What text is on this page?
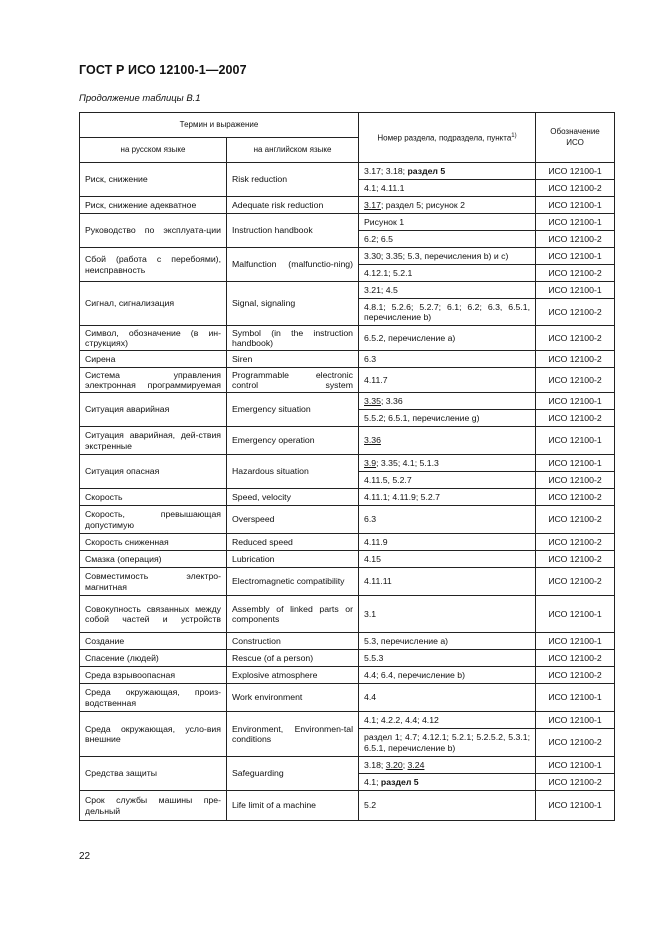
ГОСТ Р ИСО 12100-1—2007
Продолжение таблицы В.1
Термин и выражение		Номер раздела, подраздела, пункта$^{1)}$	Обозначение ИСО
на русском языке	на английском языке		
Риск, снижение	Risk reduction	3.17; 3.18; раздел 5	ИСО 12100-1
		4.1; 4.11.1	ИСО 12100-2
Риск, снижение адекватное	Adequate risk reduction	3.17; раздел 5; рисунок 2	ИСО 12100-1
Руководство по эксплуата-ции	Instruction handbook	Рисунок 1	ИСО 12100-1
		6.2; 6.5	ИСО 12100-2
Сбой (работа с перебоями), неисправность	Malfunction (malfunctio-ning)	3.30; 3.35; 5.3, перечисления b) и c)	ИСО 12100-1
		4.12.1; 5.2.1	ИСО 12100-2
Сигнал, сигнализация	Signal, signaling	3.21; 4.5	ИСО 12100-1
		4.8.1; 5.2.6; 5.2.7; 6.1; 6.2; 6.3, 6.5.1, перечисление b)	ИСО 12100-2
Символ, обозначение (в ин-струкциях)	Symbol (in the instruction handbook)	6.5.2, перечисление a)	ИСО 12100-2
Сирена	Siren	6.3	ИСО 12100-2
Система управления электронная программируемая	Programmable electronic control system	4.11.7	ИСО 12100-2
Ситуация аварийная	Emergency situation	3.35; 3.36	ИСО 12100-1
		5.5.2; 6.5.1, перечисление g)	ИСО 12100-2
Ситуация аварийная, дей-ствия экстренные	Emergency operation	3.36	ИСО 12100-1
Ситуация опасная	Hazardous situation	3.9; 3.35; 4.1; 5.1.3	ИСО 12100-1
		4.11.5, 5.2.7	ИСО 12100-2
Скорость	Speed, velocity	4.11.1; 4.11.9; 5.2.7	ИСО 12100-2
Скорость, превышающая допустимую	Overspeed	6.3	ИСО 12100-2
Скорость сниженная	Reduced speed	4.11.9	ИСО 12100-2
Смазка (операция)	Lubrication	4.15	ИСО 12100-2
Совместимость электро-магнитная	Electromagnetic compatibility	4.11.11	ИСО 12100-2
Совокупность связанных между собой частей и устройств	Assembly of linked parts or components	3.1	ИСО 12100-1
Создание	Construction	5.3, перечисление a)	ИСО 12100-1
Спасение (людей)	Rescue (of a person)	5.5.3	ИСО 12100-2
Среда взрывоопасная	Explosive atmosphere	4.4; 6.4, перечисление b)	ИСО 12100-2
Среда окружающая, произ-водственная	Work environment	4.4	ИСО 12100-1
Среда окружающая, усло-вия внешние	Environment, Environmen-tal conditions	4.1; 4.2.2, 4.4; 4.12	ИСО 12100-1
		раздел 1; 4.7; 4.12.1; 5.2.1; 5.2.5.2, 5.3.1; 6.5.1, перечисление b)	ИСО 12100-2
Средства защиты	Safeguarding	3.18; 3.20; 3.24	ИСО 12100-1
		4.1; раздел 5	ИСО 12100-2
Срок службы машины пре-дельный	Life limit of a machine	5.2	ИСО 12100-1
22
